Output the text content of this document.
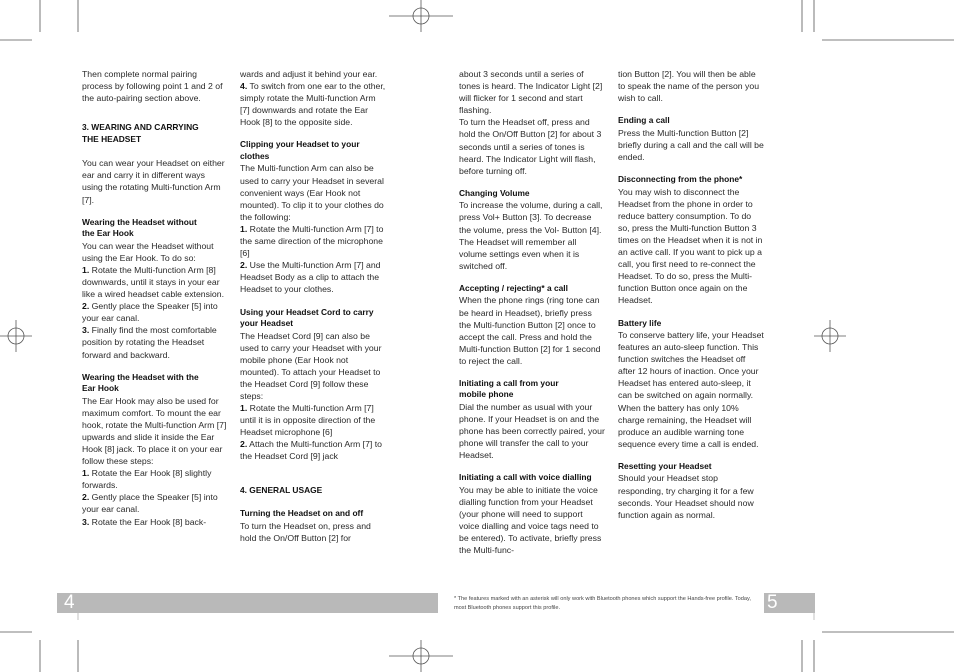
4	5
* The features marked with an asterisk will only work with Bluetooth phones which support the Hands-free profile. Today, most Bluetooth phones support this profile.

Then complete normal pairing process by following point 1 and 2 of the auto-pairing section above.

3. WEARING AND CARRYING THE HEADSET

You can wear your Headset on either ear and carry it in different ways using the rotating Multi-function Arm [7].

Wearing the Headset without the Ear Hook
You can wear the Headset without using the Ear Hook. To do so:
1. Rotate the Multi-function Arm [8] downwards, until it stays in your ear like a wired headset cable extension.
2. Gently place the Speaker [5] into your ear canal.
3. Finally find the most comfortable position by rotating the Headset forward and backward.
Wearing the Headset with the Ear Hook
The Ear Hook may also be used for maximum comfort. To mount the ear hook, rotate the Multi-function Arm [7] upwards and slide it inside the Ear Hook [8] jack. To place it on your ear follow these steps:
1. Rotate the Ear Hook [8] slightly forwards.
2. Gently place the Speaker [5] into your ear canal.
3. Rotate the Ear Hook [8] back-
wards and adjust it behind your ear.
4. To switch from one ear to the other, simply rotate the Multi-function Arm [7] downwards and rotate the Ear Hook [8] to the opposite side.
Clipping your Headset to your clothes
The Multi-function Arm can also be used to carry your Headset in several convenient ways (Ear Hook not mounted). To clip it to your clothes do the following:
1. Rotate the Multi-function Arm [7] to the same direction of the microphone [6]
2. Use the Multi-function Arm [7] and Headset Body as a clip to attach the Headset to your clothes.
Using your Headset Cord to carry your Headset
The Headset Cord [9] can also be used to carry your Headset with your mobile phone (Ear Hook not mounted). To attach your Headset to the Headset Cord [9] follow these steps:
1. Rotate the Multi-function Arm [7] until it is in opposite direction of the Headset microphone [6]
2. Attach the Multi-function Arm [7] to the Headset Cord [9] jack
4. GENERAL USAGE
Turning the Headset on and off
To turn the Headset on, press and hold the On/Off Button [2] for
about 3 seconds until a series of tones is heard. The Indicator Light [2] will flicker for 1 second and start flashing.

To turn the Headset off, press and hold the On/Off Button [2] for about 3 seconds until a series of tones is heard. The Indicator Light will flash, before turning off.

Changing Volume

To increase the volume, during a call, press Vol+ Button [3]. To decrease the volume, press the Vol- Button [4]. The Headset will remember all volume settings even when it is switched off.

Accepting / rejecting* a call

When the phone rings (ring tone can be heard in Headset), briefly press the Multi-function Button [2] once to accept the call. Press and hold the Multi-function Button [2] for 1 second to reject the call.

Initiating a call from your mobile phone

Dial the number as usual with your phone. If your Headset is on and the phone has been correctly paired, your phone will transfer the call to your Headset.

Initiating a call with voice dialling
You may be able to initiate the voice dialling function from your Headset (your phone will need to support voice dialling and voice tags need to be entered). To activate, briefly press the Multi-func-

tion Button [2]. You will then be able to speak the name of the person you wish to call.

Ending a call

Press the Multi-function Button [2] briefly during a call and the call will be ended.

Disconnecting from the phone*

You may wish to disconnect the Headset from the phone in order to reduce battery consumption. To do so, press the Multi-function Button 3 times on the Headset when it is not in an active call. If you want to pick up a call, you first need to re-connect the Headset. To do so, press the Multi-function Button once again on the Headset.

Battery life

To conserve battery life, your Headset features an auto-sleep function. This function switches the Headset off after 12 hours of inaction. Once your Headset has entered auto-sleep, it can be switched on again normally. When the battery has only 10% charge remaining, the Headset will produce an audible warning tone sequence every time a call is ended.

Resetting your Headset

Should your Headset stop responding, try charging it for a few seconds. Your Headset should now function again as normal.
